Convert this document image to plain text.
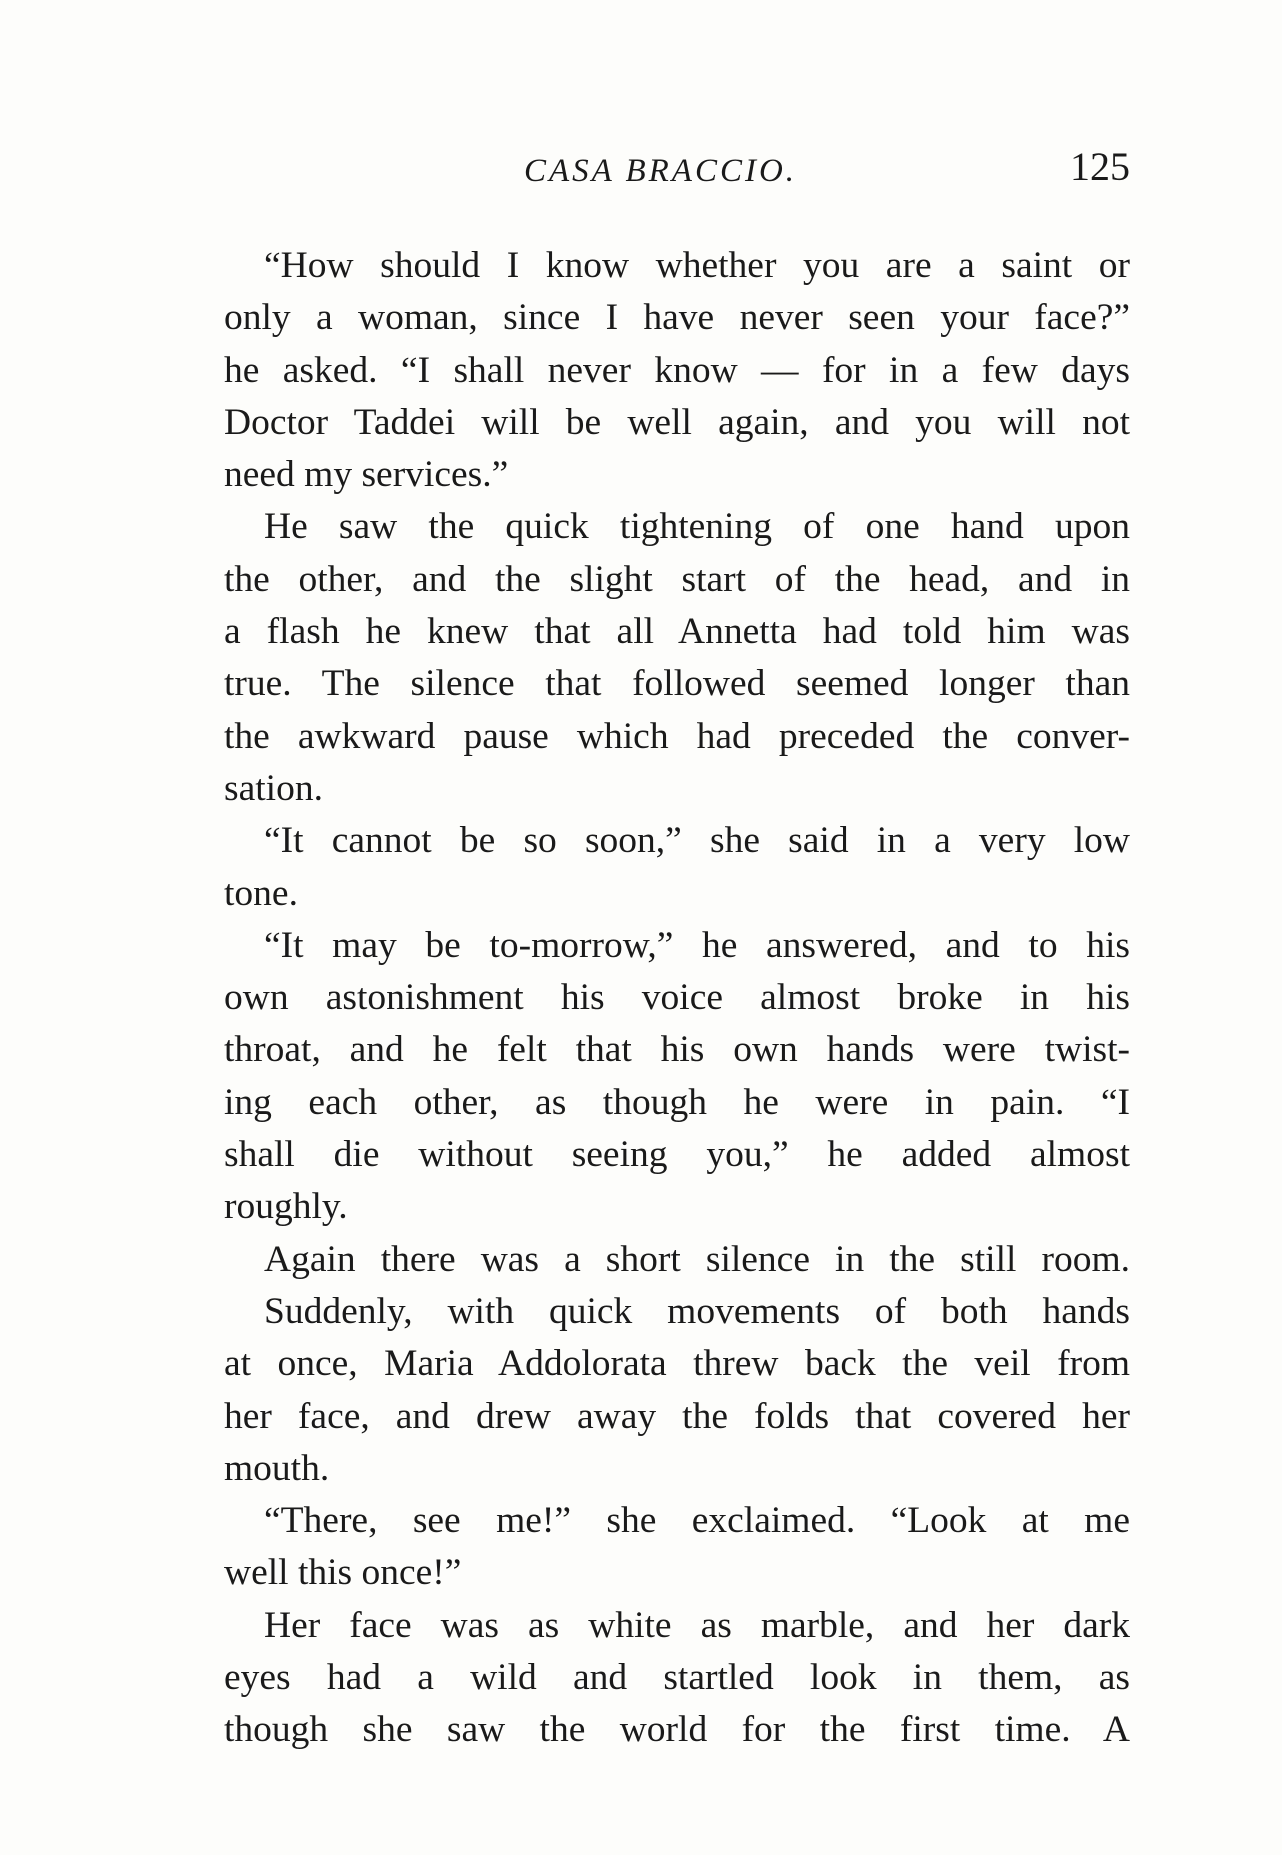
CASA BRACCIO.	125

“How should I know whether you are a saint or
only a woman, since I have never seen your face?”
he asked. “I shall never know — for in a few days
Doctor Taddei will be well again, and you will not
need my services.”

He saw the quick tightening of one hand upon
the other, and the slight start of the head, and in
a flash he knew that all Annetta had told him was
true. The silence that followed seemed longer than
the awkward pause which had preceded the conver-
sation.

“It cannot be so soon,” she said in a very low
tone.

“It may be to-morrow,” he answered, and to his
own astonishment his voice almost broke in his
throat, and he felt that his own hands were twist-
ing each other, as though he were in pain. “I
shall die without seeing you,” he added almost
roughly.

Again there was a short silence in the still room.

Suddenly, with quick movements of both hands
at once, Maria Addolorata threw back the veil from
her face, and drew away the folds that covered her
mouth.

“There, see me!” she exclaimed. “Look at me
well this once!”

Her face was as white as marble, and her dark
eyes had a wild and startled look in them, as
though she saw the world for the first time. A
